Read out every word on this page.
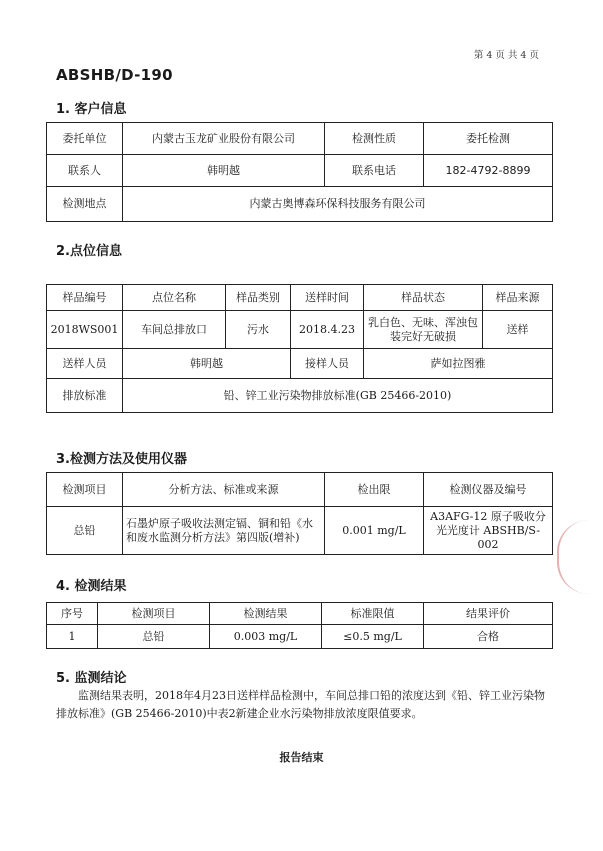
第 4 页 共 4 页
ABSHB/D-190
1. 客户信息
委托单位	内蒙古玉龙矿业股份有限公司	检测性质	委托检测
联系人	韩明越	联系电话	182-4792-8899
检测地点	内蒙古奥博森环保科技服务有限公司		
2.点位信息
样品编号	点位名称	样品类别	送样时间	样品状态	样品来源
2018WS001	车间总排放口	污水	2018.4.23	乳白色、无味、浑浊包装完好无破损	送样
送样人员	韩明越		接样人员	萨如拉图雅	
排放标准	铅、锌工业污染物排放标准(GB 25466-2010)				
3.检测方法及使用仪器
检测项目	分析方法、标准或来源	检出限	检测仪器及编号
总铅	石墨炉原子吸收法测定镉、铜和铅《水和废水监测分析方法》第四版(增补)	0.001 mg/L	A3AFG-12 原子吸收分光光度计 ABSHB/S-002
4. 检测结果
序号	检测项目	检测结果	标准限值	结果评价
1	总铅	0.003 mg/L	≤0.5 mg/L	合格
5. 监测结论
监测结果表明，2018年4月23日送样样品检测中，车间总排口铅的浓度达到《铅、锌工业污染物排放标准》(GB 25466-2010)中表2新建企业水污染物排放浓度限值要求。
报告结束
